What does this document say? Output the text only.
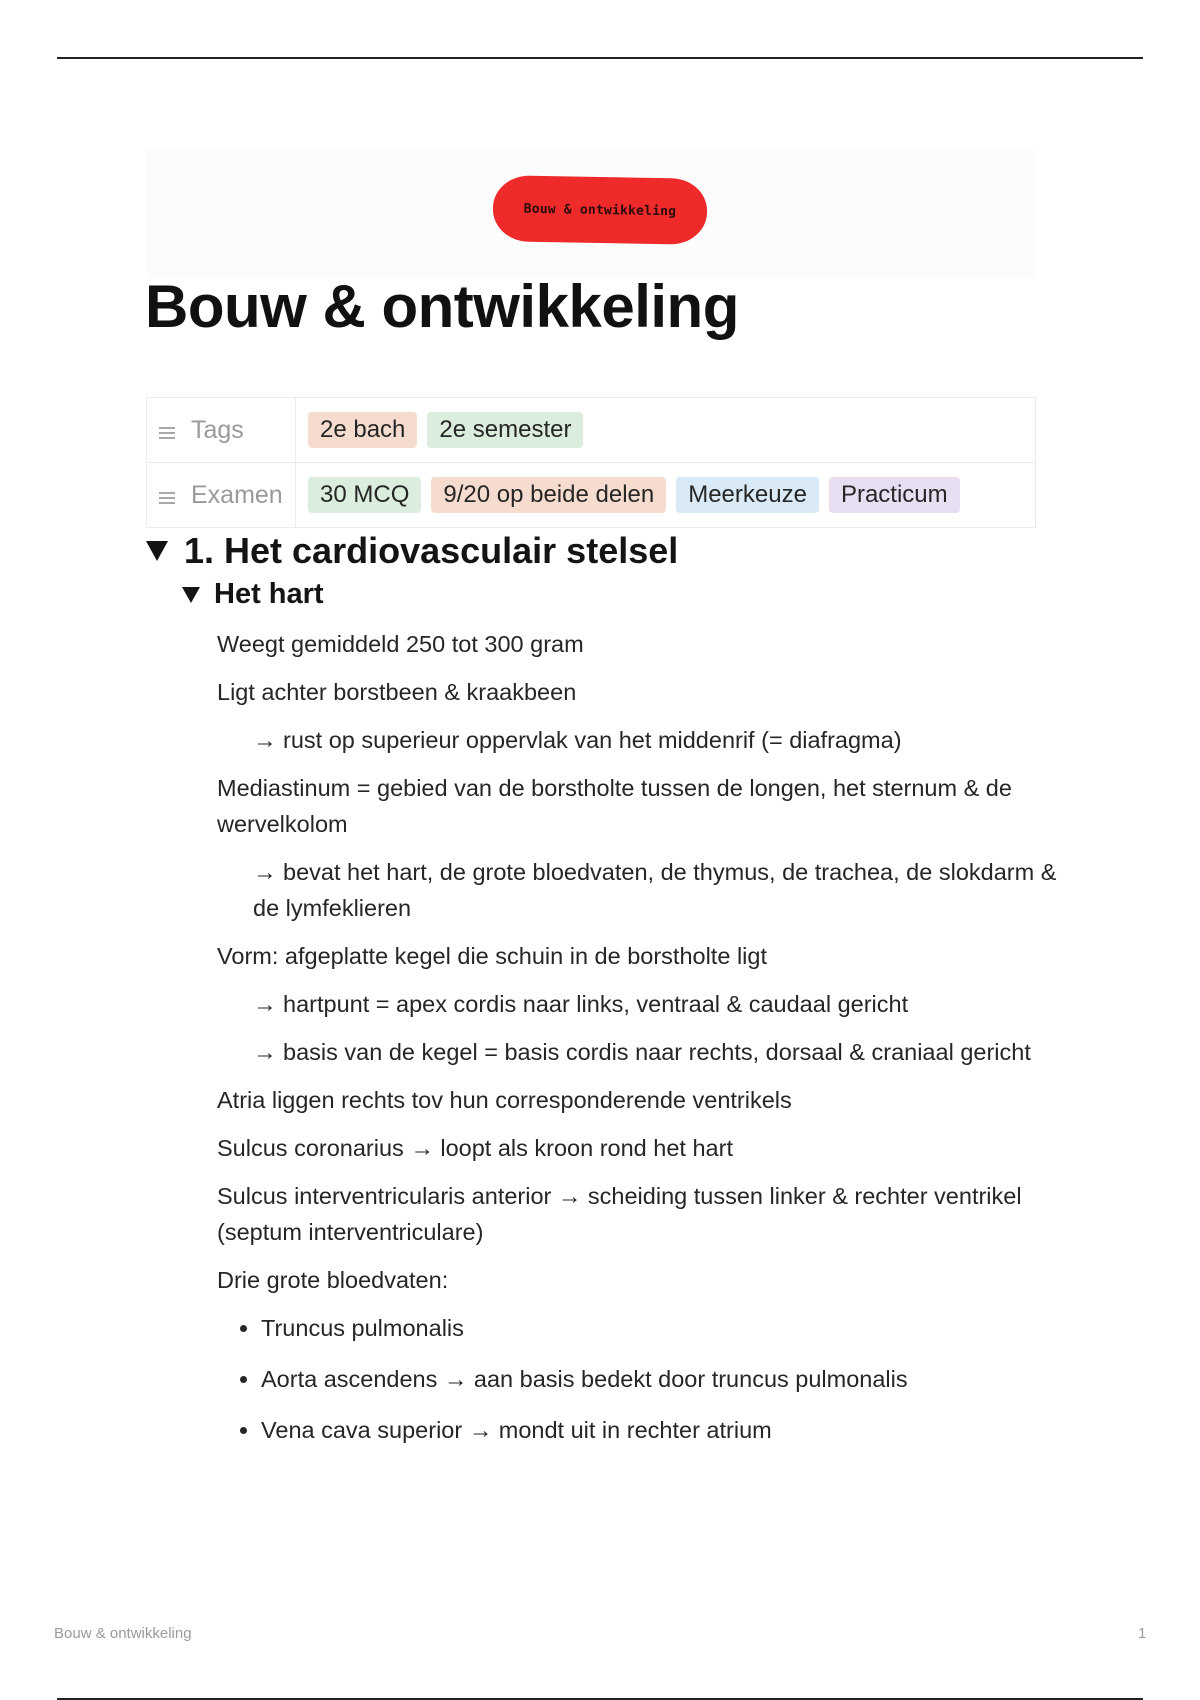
Bouw & ontwikkeling
Bouw & ontwikkeling
Tags	2e bach 2e semester

Examen	30 MCQ 9/20 op beide delen Meerkeuze Practicum
1. Het cardiovasculair stelsel
Het hart

Weegt gemiddeld 250 tot 300 gram

Ligt achter borstbeen & kraakbeen

→ rust op superieur oppervlak van het middenrif (= diafragma)

Mediastinum = gebied van de borstholte tussen de longen, het sternum & de wervelkolom

→ bevat het hart, de grote bloedvaten, de thymus, de trachea, de slokdarm & de lymfeklieren

Vorm: afgeplatte kegel die schuin in de borstholte ligt

→ hartpunt = apex cordis naar links, ventraal & caudaal gericht

→ basis van de kegel = basis cordis naar rechts, dorsaal & craniaal gericht

Atria liggen rechts tov hun corresponderende ventrikels

Sulcus coronarius → loopt als kroon rond het hart

Sulcus interventricularis anterior → scheiding tussen linker & rechter ventrikel (septum interventriculare)

Drie grote bloedvaten:

• Truncus pulmonalis
• Aorta ascendens → aan basis bedekt door truncus pulmonalis
• Vena cava superior → mondt uit in rechter atrium
Bouw & ontwikkeling	1
